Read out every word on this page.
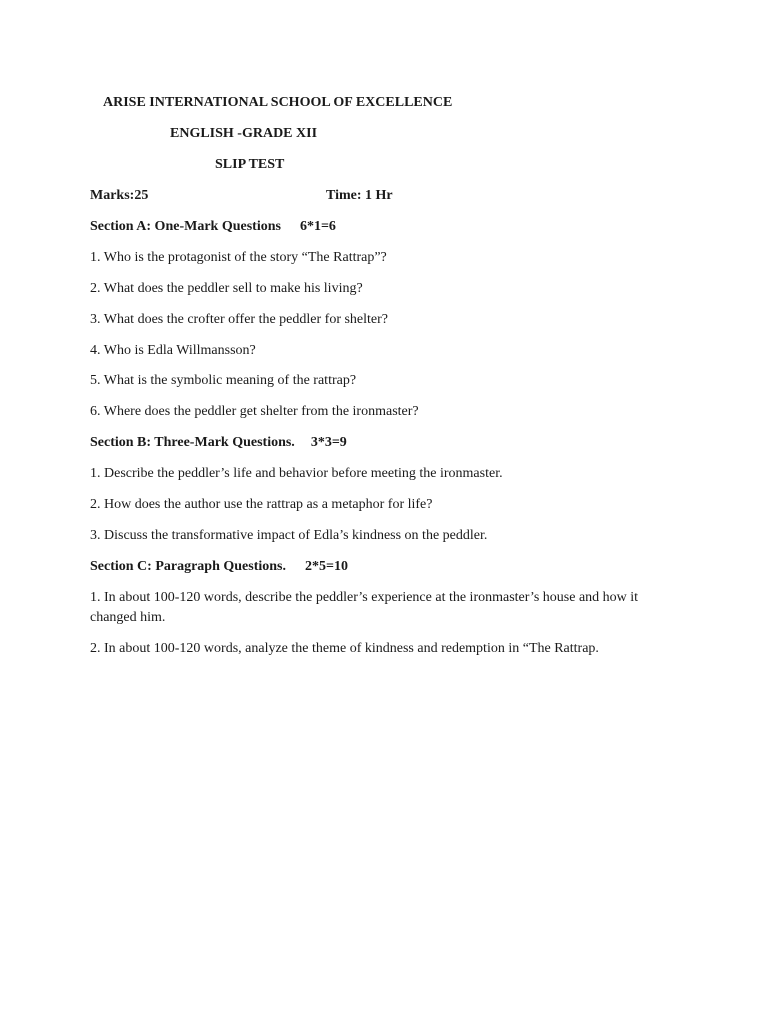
ARISE INTERNATIONAL SCHOOL OF EXCELLENCE
ENGLISH -GRADE XII
SLIP TEST
Marks:25	Time: 1 Hr
Section A: One-Mark Questions 6*1=6
1. Who is the protagonist of the story “The Rattrap”?
2. What does the peddler sell to make his living?
3. What does the crofter offer the peddler for shelter?
4. Who is Edla Willmansson?
5. What is the symbolic meaning of the rattrap?
6. Where does the peddler get shelter from the ironmaster?
Section B: Three-Mark Questions. 3*3=9
1. Describe the peddler’s life and behavior before meeting the ironmaster.
2. How does the author use the rattrap as a metaphor for life?
3. Discuss the transformative impact of Edla’s kindness on the peddler.
Section C: Paragraph Questions. 2*5=10
1. In about 100-120 words, describe the peddler’s experience at the ironmaster’s house and how it changed him.
2. In about 100-120 words, analyze the theme of kindness and redemption in “The Rattrap.
